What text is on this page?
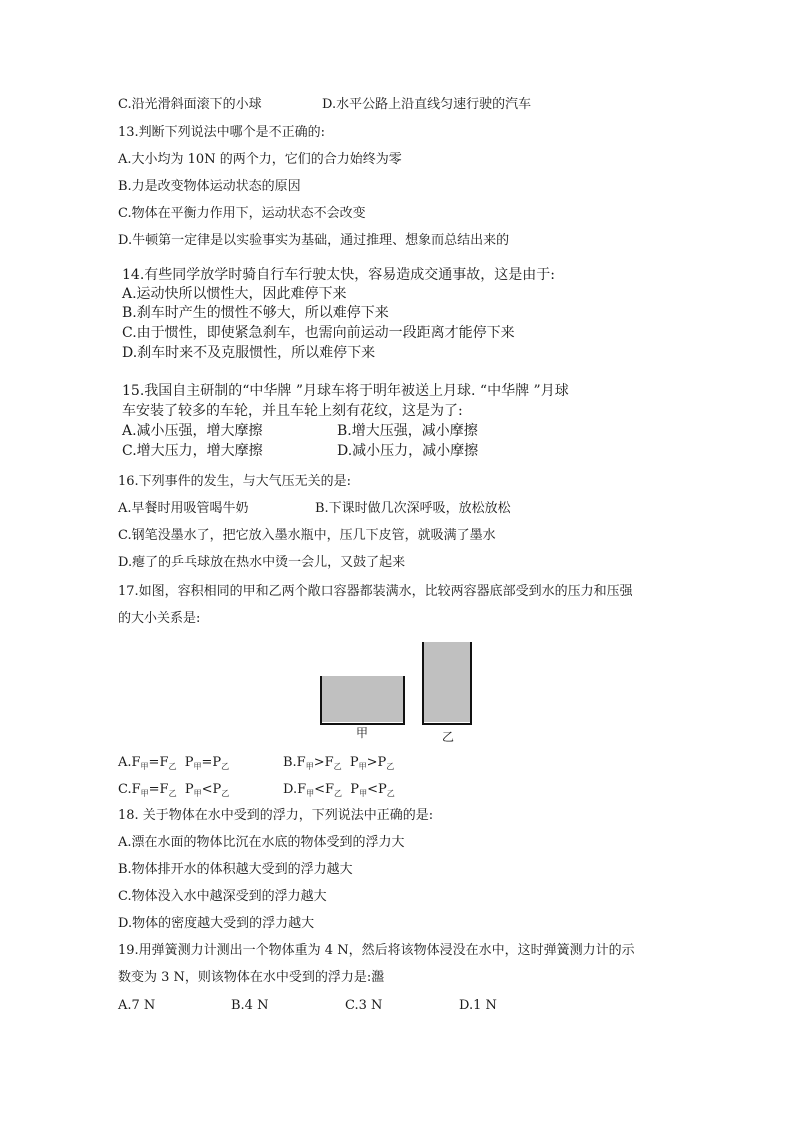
C.沿光滑斜面滚下的小球	D.水平公路上沿直线匀速行驶的汽车
13.判断下列说法中哪个是不正确的:
A.大小均为 10N 的两个力，它们的合力始终为零
B.力是改变物体运动状态的原因
C.物体在平衡力作用下，运动状态不会改变
D.牛顿第一定律是以实验事实为基础，通过推理、想象而总结出来的
14.有些同学放学时骑自行车行驶太快，容易造成交通事故，这是由于:
A.运动快所以惯性大，因此难停下来
B.刹车时产生的惯性不够大，所以难停下来
C.由于惯性，即使紧急刹车，也需向前运动一段距离才能停下来
D.刹车时来不及克服惯性，所以难停下来
15.我国自主研制的“中华牌 ”月球车将于明年被送上月球. “中华牌 ”月球
车安装了较多的车轮，并且车轮上刻有花纹，这是为了:
A.减小压强，增大摩擦	B.增大压强，减小摩擦
C.增大压力，增大摩擦	D.减小压力，减小摩擦
16.下列事件的发生，与大气压无关的是:
A.早餐时用吸管喝牛奶	B.下课时做几次深呼吸，放松放松
C.钢笔没墨水了，把它放入墨水瓶中，压几下皮管，就吸满了墨水
D.瘪了的乒乓球放在热水中烫一会儿，又鼓了起来
17.如图，容积相同的甲和乙两个敞口容器都装满水，比较两容器底部受到水的压力和压强
的大小关系是:
甲	乙
$A.F_甲=F_乙$  $P_甲=P_乙$	$B.F_甲>F_乙$  $P_甲>P_乙$
$C.F_甲=F_乙$  $P_甲<P_乙$	$D.F_甲<F_乙$  $P_甲<P_乙$
18. 关于物体在水中受到的浮力，下列说法中正确的是:
A.漂在水面的物体比沉在水底的物体受到的浮力大
B.物体排开水的体积越大受到的浮力越大
C.物体没入水中越深受到的浮力越大
D.物体的密度越大受到的浮力越大
19.用弹簧测力计测出一个物体重为 4 N，然后将该物体浸没在水中，这时弹簧测力计的示
数变为 3 N，则该物体在水中受到的浮力是:瀊
A.7 N	B.4 N	C.3 N	D.1 N
